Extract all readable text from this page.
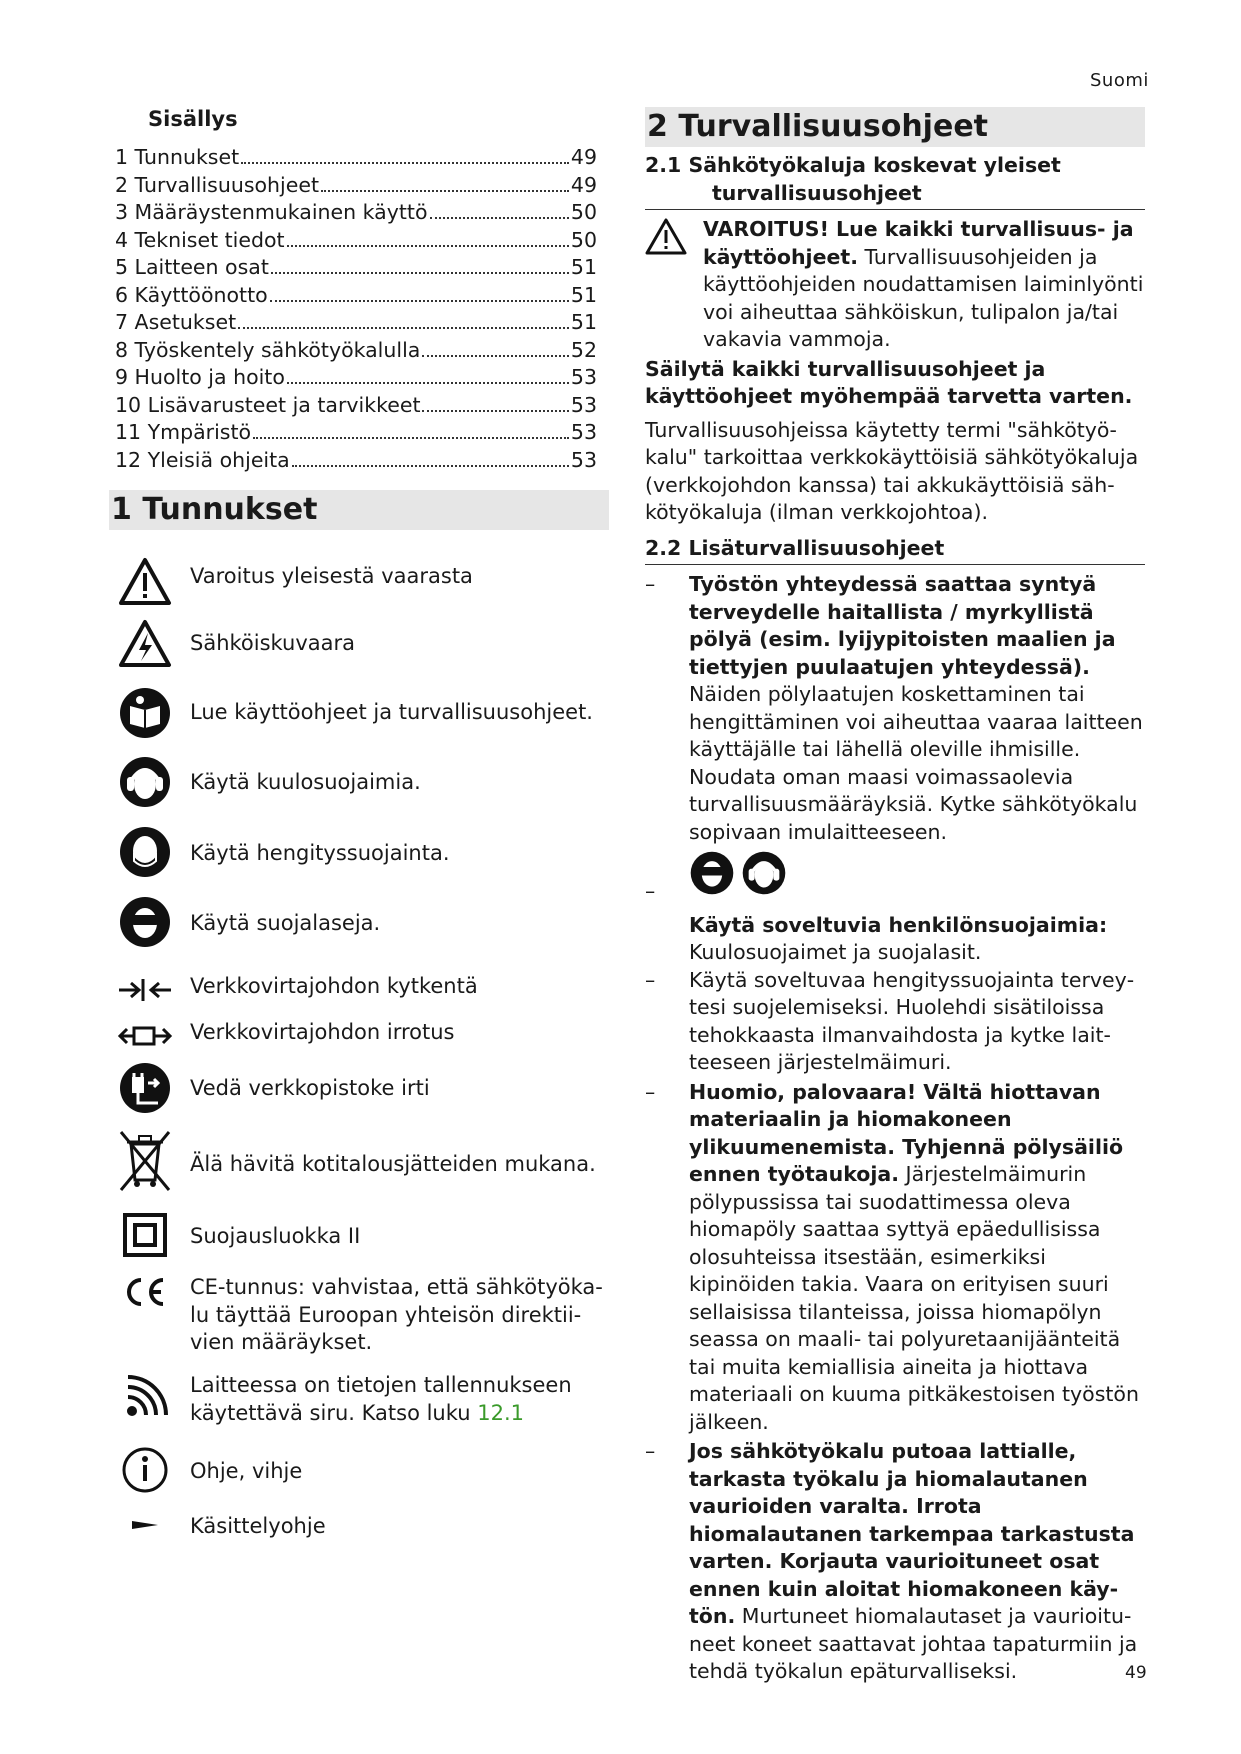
Suomi
49
Sisällys
1 Tunnukset	49
2 Turvallisuusohjeet	49
3 Määräystenmukainen käyttö	50
4 Tekniset tiedot	50
5 Laitteen osat	51
6 Käyttöönotto	51
7 Asetukset	51
8 Työskentely sähkötyökalulla	52
9 Huolto ja hoito	53
10 Lisävarusteet ja tarvikkeet	53
11 Ympäristö	53
12 Yleisiä ohjeita	53
1 Tunnukset
Varoitus yleisestä vaarasta
Sähköiskuvaara
Lue käyttöohjeet ja turvallisuusohjeet.
Käytä kuulosuojaimia.
Käytä hengityssuojainta.
Käytä suojalaseja.
Verkkovirtajohdon kytkentä
Verkkovirtajohdon irrotus
Vedä verkkopistoke irti
Älä hävitä kotitalousjätteiden mukana.
Suojausluokka II
CE-tunnus: vahvistaa, että sähkötyöka-
lu täyttää Euroopan yhteisön direktii-
vien määräykset.
Laitteessa on tietojen tallennukseen
käytettävä siru. Katso luku 12.1
Ohje, vihje
Käsittelyohje
2 Turvallisuusohjeet
2.1 Sähkötyökaluja koskevat yleiset
turvallisuusohjeet
VAROITUS! Lue kaikki turvallisuus- ja käyttöohjeet. Turvallisuusohjeiden ja käyttöohjeiden noudattamisen laiminlyönti voi aiheuttaa sähköiskun, tulipalon ja/tai vakavia vammoja.

Säilytä kaikki turvallisuusohjeet ja käyttöohjeet myöhempää tarvetta varten.

Turvallisuusohjeissa käytetty termi "sähkötyökalu" tarkoittaa verkkokäyttöisiä sähkötyökaluja (verkkojohdon kanssa) tai akkukäyttöisiä sähkötyökaluja (ilman verkkojohtoa).

2.2 Lisäturvallisuusohjeet
– Työstön yhteydessä saattaa syntyä terveydelle haitallista / myrkyllistä pölyä (esim. lyijypitoisten maalien ja tiettyjen puulaatujen yhteydessä). Näiden pölylaatujen koskettaminen tai hengittäminen voi aiheuttaa vaaraa laitteen käyttäjälle tai lähellä oleville ihmisille. Noudata oman maasi voimassaolevia turvallisuusmääräyksiä. Kytke sähkötyökalu sopivaan imulaitteeseen.
–
Käytä soveltuvia henkilönsuojaimia: Kuulosuojaimet ja suojalasit.
– Käytä soveltuvaa hengityssuojainta terveytesi suojelemiseksi. Huolehdi sisätiloissa tehokkaasta ilmanvaihdosta ja kytke laitteeseen järjestelmäimuri.
– Huomio, palovaara! Vältä hiottavan materiaalin ja hiomakoneen ylikuumenemista. Tyhjennä pölysäiliö ennen työtaukoja. Järjestelmäimurin pölypussissa tai suodattimessa oleva hiomapöly saattaa syttyä epäedullisissa olosuhteissa itsestään, esimerkiksi kipinöiden takia. Vaara on erityisen suuri sellaisissa tilanteissa, joissa hiomapölyn seassa on maali- tai polyuretaanijäänteitä tai muita kemiallisia aineita ja hiottava materiaali on kuuma pitkäkestoisen työstön jälkeen.
– Jos sähkötyökalu putoaa lattialle, tarkasta työkalu ja hiomalautanen vaurioiden varalta. Irrota hiomalautanen tarkempaa tarkastusta varten. Korjauta vaurioituneet osat ennen kuin aloitat hiomakoneen käytön. Murtuneet hiomalautaset ja vaurioituneet koneet saattavat johtaa tapaturmiin ja tehdä työkalun epäturvalliseksi.
